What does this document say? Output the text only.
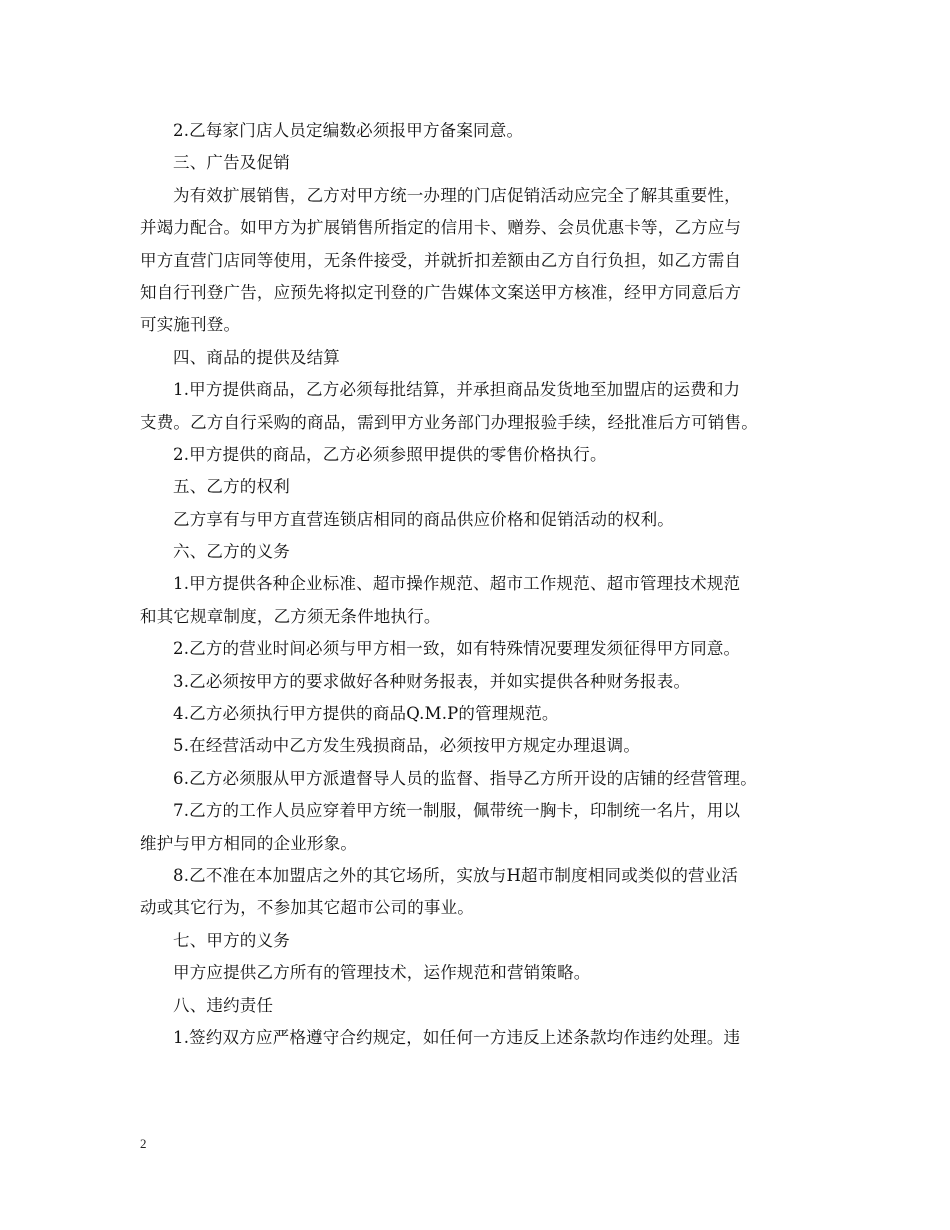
2.乙每家门店人员定编数必须报甲方备案同意。
三、广告及促销
为有效扩展销售，乙方对甲方统一办理的门店促销活动应完全了解其重要性，
并竭力配合。如甲方为扩展销售所指定的信用卡、赠券、会员优惠卡等，乙方应与
甲方直营门店同等使用，无条件接受，并就折扣差额由乙方自行负担，如乙方需自
知自行刊登广告，应预先将拟定刊登的广告媒体文案送甲方核准，经甲方同意后方
可实施刊登。
四、商品的提供及结算
1.甲方提供商品，乙方必须每批结算，并承担商品发货地至加盟店的运费和力
支费。乙方自行采购的商品，需到甲方业务部门办理报验手续，经批准后方可销售。
2.甲方提供的商品，乙方必须参照甲提供的零售价格执行。
五、乙方的权利
乙方享有与甲方直营连锁店相同的商品供应价格和促销活动的权利。
六、乙方的义务
1.甲方提供各种企业标准、超市操作规范、超市工作规范、超市管理技术规范
和其它规章制度，乙方须无条件地执行。
2.乙方的营业时间必须与甲方相一致，如有特殊情况要理发须征得甲方同意。
3.乙必须按甲方的要求做好各种财务报表，并如实提供各种财务报表。
4.乙方必须执行甲方提供的商品Q.M.P的管理规范。
5.在经营活动中乙方发生残损商品，必须按甲方规定办理退调。
6.乙方必须服从甲方派遣督导人员的监督、指导乙方所开设的店铺的经营管理。
7.乙方的工作人员应穿着甲方统一制服，佩带统一胸卡，印制统一名片，用以
维护与甲方相同的企业形象。
8.乙不准在本加盟店之外的其它场所，实放与H超市制度相同或类似的营业活
动或其它行为，不参加其它超市公司的事业。
七、甲方的义务
甲方应提供乙方所有的管理技术，运作规范和营销策略。
八、违约责任
1.签约双方应严格遵守合约规定，如任何一方违反上述条款均作违约处理。违
2
